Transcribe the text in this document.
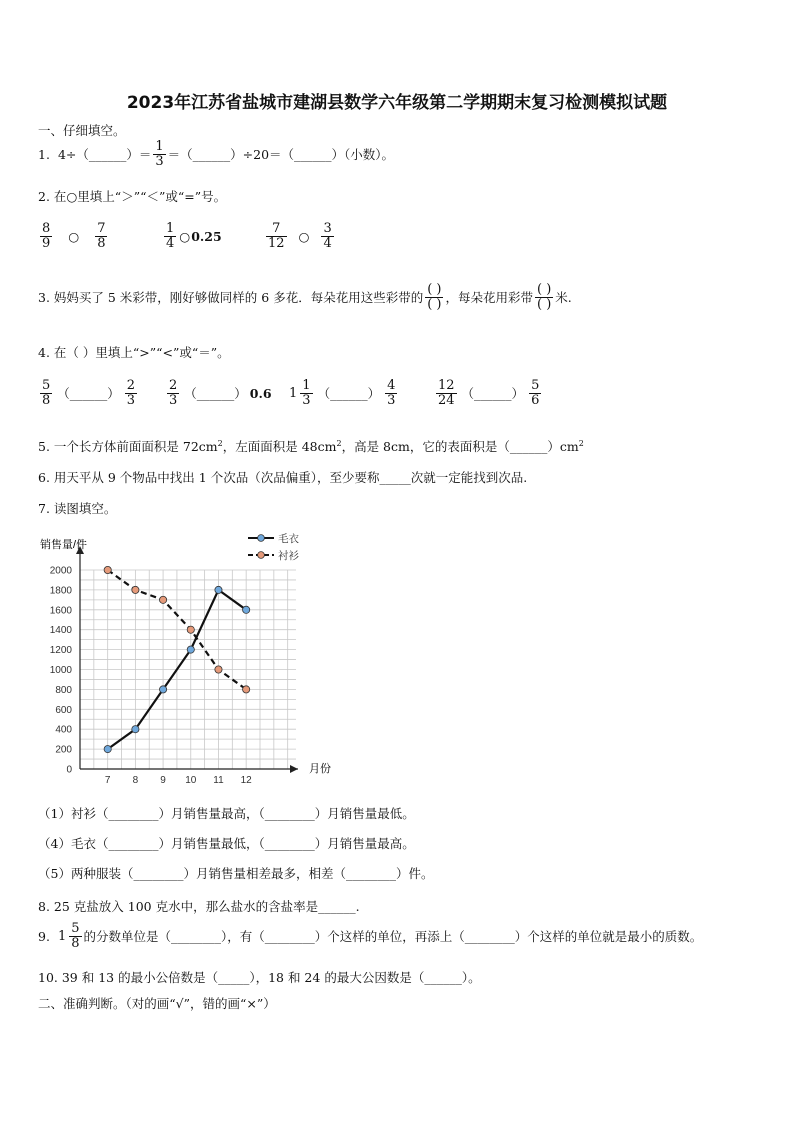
2023年江苏省盐城市建湖县数学六年级第二学期期末复习检测模拟试题
一、仔细填空。
1. 4÷（______）＝ $\frac{1}{3}$ ＝（______）÷20＝（______）（小数）。
2. 在○里填上“＞”“＜”或“=”号。
$\frac{8}{9}$ ○ $\frac{7}{8}$	$\frac{1}{4}$ ○ 0.25	$\frac{7}{12}$ ○ $\frac{3}{4}$
3. 妈妈买了 5 米彩带，刚好够做同样的 6 多花．每朵花用这些彩带的 $\frac{( )}{( )}$ ，每朵花用彩带 $\frac{( )}{( )}$ 米.
4. 在（ ）里填上“>”“<”或“＝”。
$\frac{5}{8}$ （______） $\frac{2}{3} \frac{2}{3}$ （______） 0.6 $1 \frac{1}{3}$ （______） $\frac{4}{3}$	$\frac{12}{24}$ （______） $\frac{5}{6}$
5. 一个长方体前面面积是 $72cm^2$，左面面积是 $48cm^2$，高是 8cm，它的表面积是$(\_\_\_\_\_\_)cm^2$
6. 用天平从 9 个物品中找出 1 个次品（次品偏重），至少要称_____次就一定能找到次品.
7. 读图填空。
0
200
400
600
800
1000
1200
1400
1600
1800
2000
7 8 9 10 11 12
毛衣
衬衫
销售量/件
月份
（1）衬衫（________）月销售量最高，（________）月销售量最低。
（4）毛衣（________）月销售量最低，（________）月销售量最高。
（5）两种服装（________）月销售量相差最多，相差（________）件。
8. 25 克盐放入 100 克水中，那么盐水的含盐率是______.
9. $1 \frac{5}{8}$ 的分数单位是（________），有（________）个这样的单位，再添上（________）个这样的单位就是最小的质数。
10. 39 和 13 的最小公倍数是（_____），18 和 24 的最大公因数是（______）。
二、准确判断。（对的画“√”，错的画“×”）
